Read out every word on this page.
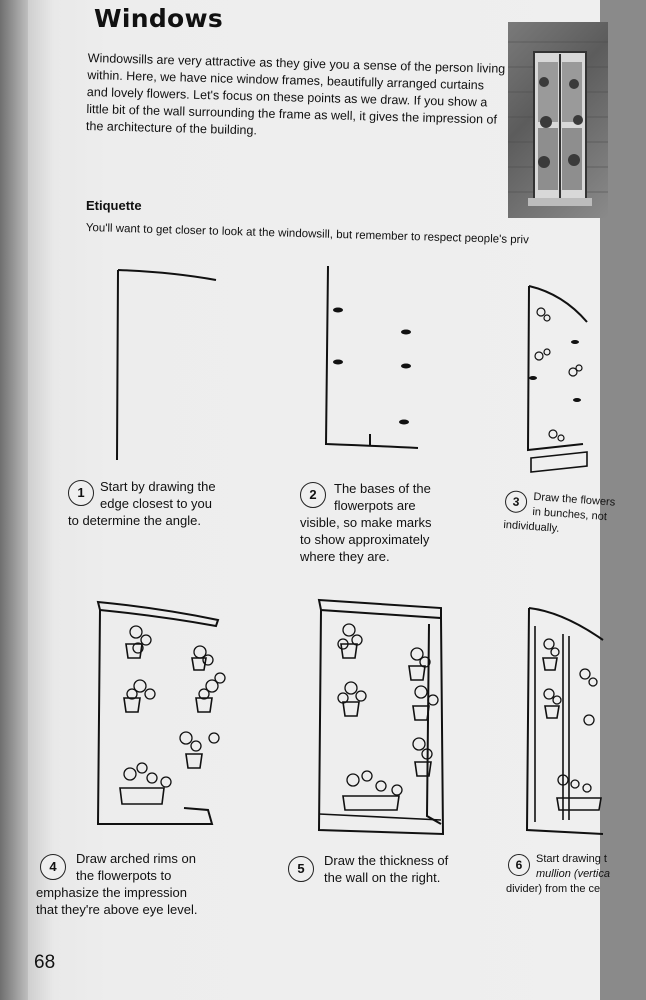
Windows

Windowsills are very attractive as they give you a sense of the person living within. Here, we have nice window frames, beautifully arranged curtains and lovely flowers. Let's focus on these points as we draw. If you show a little bit of the wall surrounding the frame as well, it gives the impression of the architecture of the building.

Etiquette

You'll want to get closer to look at the windowsill, but remember to respect people's priv

1	Start by drawing the
edge closest to you
to determine the angle.
2	The bases of the
flowerpots are
visible, so make marks
to show approximately
where they are.
3	Draw the flowers
in bunches, not
individually.
4
Draw arched rims on
the flowerpots to
emphasize the impression
that they're above eye level.
5
Draw the thickness of
the wall on the right.
6	Start drawing t
mullion (vertica
divider) from the ce

68
